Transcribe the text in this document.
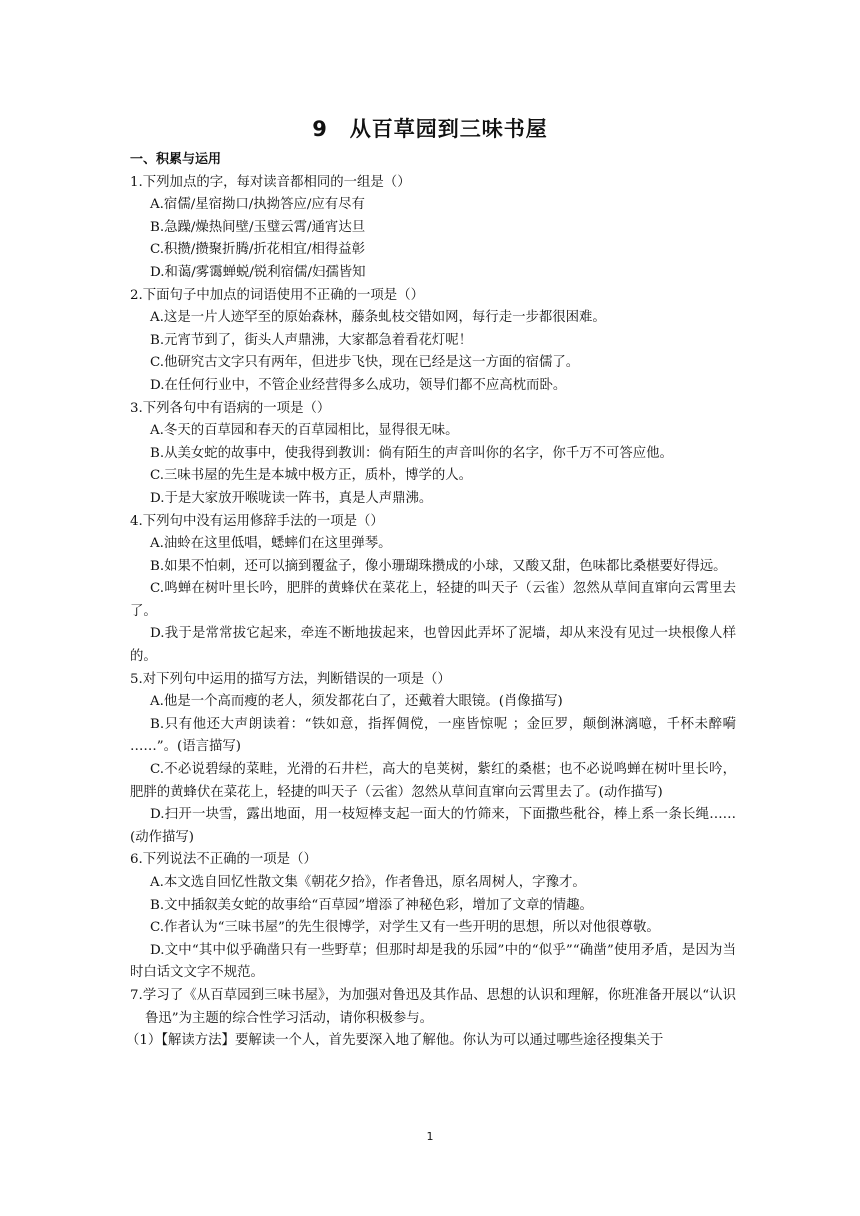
9　从百草园到三味书屋
一、积累与运用

1.下列加点的字，每对读音都相同的一组是（）

A.宿儒/星宿拗口/执拗答应/应有尽有

B.急躁/燥热间壁/玉璧云霄/通宵达旦

C.积攒/攒聚折腾/折花相宜/相得益彰

D.和蔼/雾霭蝉蜕/锐利宿儒/妇孺皆知

2.下面句子中加点的词语使用不正确的一项是（）

A.这是一片人迹罕至的原始森林，藤条虬枝交错如网，每行走一步都很困难。

B.元宵节到了，街头人声鼎沸，大家都急着看花灯呢！

C.他研究古文字只有两年，但进步飞快，现在已经是这一方面的宿儒了。

D.在任何行业中，不管企业经营得多么成功，领导们都不应高枕而卧。

3.下列各句中有语病的一项是（）

A.冬天的百草园和春天的百草园相比，显得很无味。

B.从美女蛇的故事中，使我得到教训：倘有陌生的声音叫你的名字，你千万不可答应他。

C.三味书屋的先生是本城中极方正，质朴，博学的人。

D.于是大家放开喉咙读一阵书，真是人声鼎沸。

4.下列句中没有运用修辞手法的一项是（）

A.油蛉在这里低唱，蟋蟀们在这里弹琴。

B.如果不怕刺，还可以摘到覆盆子，像小珊瑚珠攒成的小球，又酸又甜，色味都比桑椹要好得远。

C.鸣蝉在树叶里长吟，肥胖的黄蜂伏在菜花上，轻捷的叫天子（云雀）忽然从草间直窜向云霄里去了。

D.我于是常常拔它起来，牵连不断地拔起来，也曾因此弄坏了泥墙，却从来没有见过一块根像人样的。

5.对下列句中运用的描写方法，判断错误的一项是（）

A.他是一个高而瘦的老人，须发都花白了，还戴着大眼镜。(肖像描写)

B.只有他还大声朗读着：“铁如意，指挥倜傥，一座皆惊呢 ；金叵罗，颠倒淋漓噫，千杯未醉嗬 ……”。(语言描写)

C.不必说碧绿的菜畦，光滑的石井栏，高大的皂荚树，紫红的桑椹；也不必说鸣蝉在树叶里长吟，肥胖的黄蜂伏在菜花上，轻捷的叫天子（云雀）忽然从草间直窜向云霄里去了。(动作描写)

D.扫开一块雪，露出地面，用一枝短棒支起一面大的竹筛来，下面撒些秕谷，棒上系一条长绳……(动作描写)

6.下列说法不正确的一项是（）

A.本文选自回忆性散文集《朝花夕拾》，作者鲁迅，原名周树人，字豫才。

B.文中插叙美女蛇的故事给“百草园”增添了神秘色彩，增加了文章的情趣。

C.作者认为“三味书屋”的先生很博学，对学生又有一些开明的思想，所以对他很尊敬。

D.文中“其中似乎确凿只有一些野草；但那时却是我的乐园”中的“似乎”“确凿”使用矛盾，是因为当时白话文文字不规范。

7.学习了《从百草园到三味书屋》，为加强对鲁迅及其作品、思想的认识和理解，你班准备开展以“认识鲁迅”为主题的综合性学习活动，请你积极参与。

（1）【解读方法】要解读一个人，首先要深入地了解他。你认为可以通过哪些途径搜集关于

1
